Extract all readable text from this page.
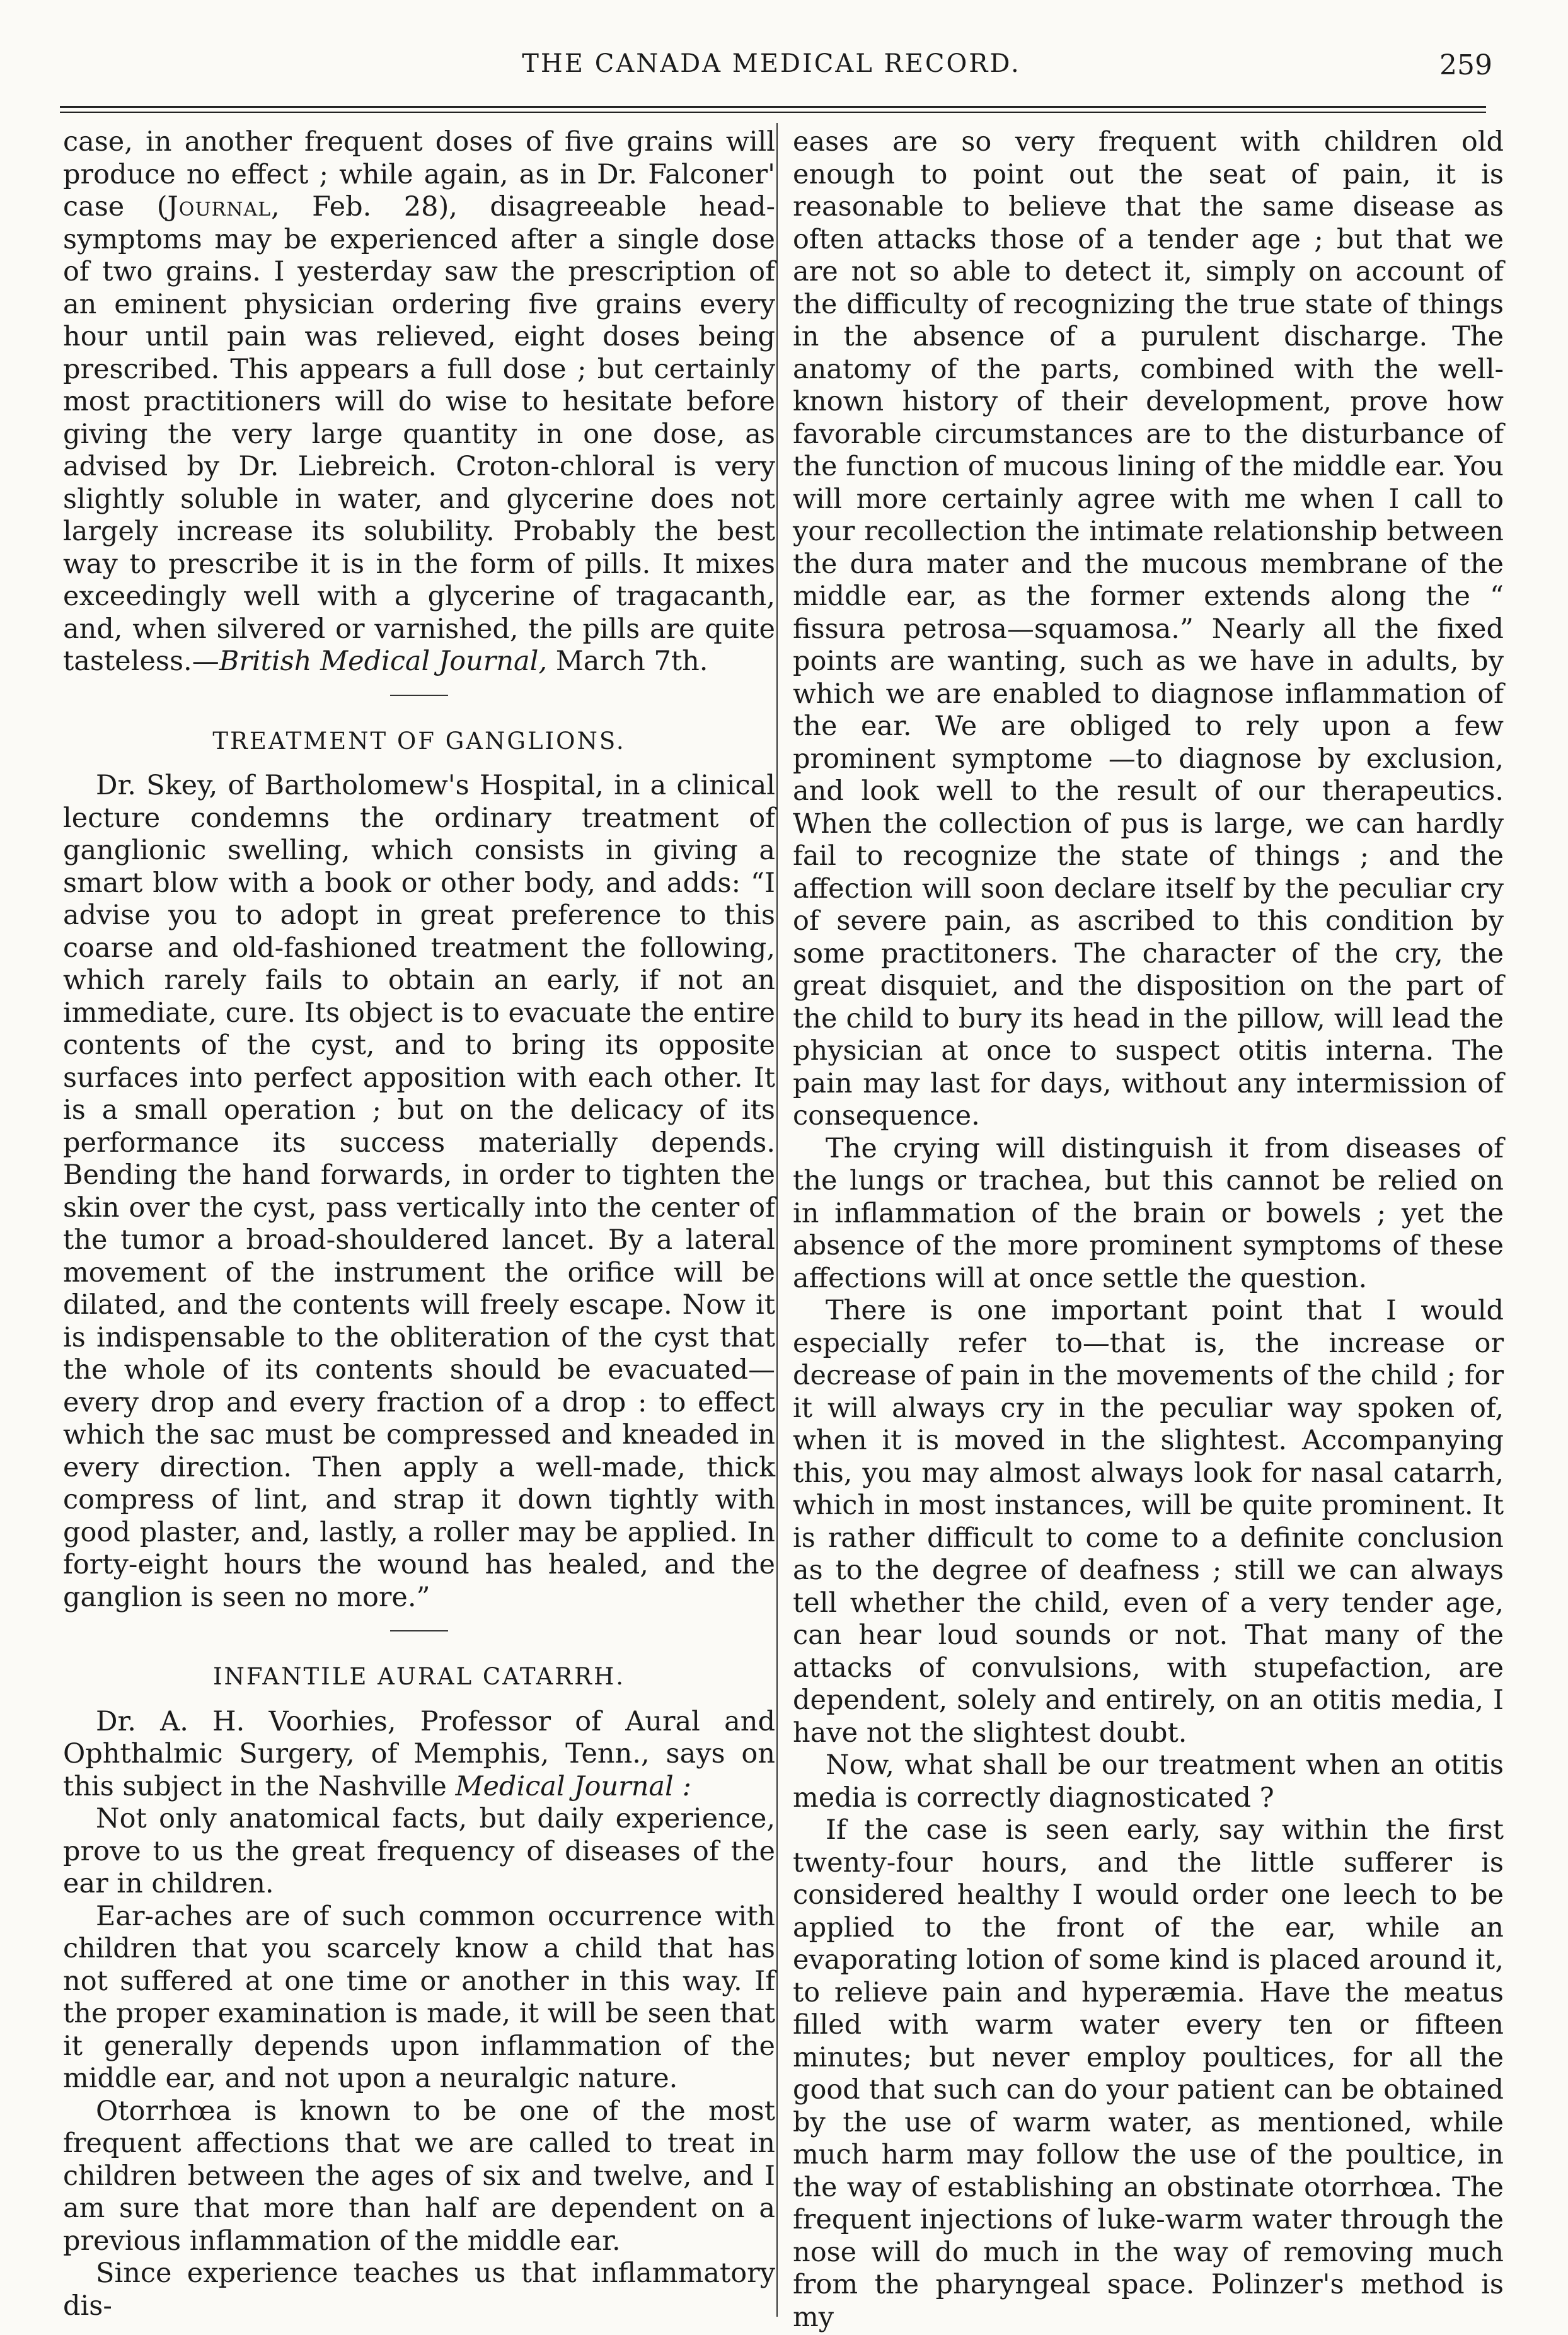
THE CANADA MEDICAL RECORD.	259

case, in another frequent doses of five grains will produce no effect ; while again, as in Dr. Falconer' case (Journal, Feb. 28), disagreeable head-symptoms may be experienced after a single dose of two grains. I yesterday saw the prescription of an eminent physician ordering five grains every hour until pain was relieved, eight doses being prescribed. This appears a full dose ; but certainly most practitioners will do wise to hesitate before giving the very large quantity in one dose, as advised by Dr. Liebreich. Croton-chloral is very slightly soluble in water, and glycerine does not largely increase its solubility. Probably the best way to prescribe it is in the form of pills. It mixes exceedingly well with a glycerine of tragacanth, and, when silvered or varnished, the pills are quite tasteless.—British Medical Journal, March 7th.

TREATMENT OF GANGLIONS.

Dr. Skey, of Bartholomew's Hospital, in a clinical lecture condemns the ordinary treatment of ganglionic swelling, which consists in giving a smart blow with a book or other body, and adds: “I advise you to adopt in great preference to this coarse and old-fashioned treatment the following, which rarely fails to obtain an early, if not an immediate, cure. Its object is to evacuate the entire contents of the cyst, and to bring its opposite surfaces into perfect apposition with each other. It is a small operation ; but on the delicacy of its performance its success materially depends. Bending the hand forwards, in order to tighten the skin over the cyst, pass vertically into the center of the tumor a broad-shouldered lancet. By a lateral movement of the instrument the orifice will be dilated, and the contents will freely escape. Now it is indispensable to the obliteration of the cyst that the whole of its contents should be evacuated—every drop and every fraction of a drop : to effect which the sac must be compressed and kneaded in every direction. Then apply a well-made, thick compress of lint, and strap it down tightly with good plaster, and, lastly, a roller may be applied. In forty-eight hours the wound has healed, and the ganglion is seen no more.”

INFANTILE AURAL CATARRH.

Dr. A. H. Voorhies, Professor of Aural and Ophthalmic Surgery, of Memphis, Tenn., says on this subject in the Nashville Medical Journal :

Not only anatomical facts, but daily experience, prove to us the great frequency of diseases of the ear in children.

Ear-aches are of such common occurrence with children that you scarcely know a child that has not suffered at one time or another in this way. If the proper examination is made, it will be seen that it generally depends upon inflammation of the middle ear, and not upon a neuralgic nature.

Otorrhœa is known to be one of the most frequent affections that we are called to treat in children between the ages of six and twelve, and I am sure that more than half are dependent on a previous inflammation of the middle ear.

Since experience teaches us that inflammatory dis-

eases are so very frequent with children old enough to point out the seat of pain, it is reasonable to believe that the same disease as often attacks those of a tender age ; but that we are not so able to detect it, simply on account of the difficulty of recognizing the true state of things in the absence of a purulent discharge. The anatomy of the parts, combined with the well-known history of their development, prove how favorable circumstances are to the disturbance of the function of mucous lining of the middle ear. You will more certainly agree with me when I call to your recollection the intimate relationship between the dura mater and the mucous membrane of the middle ear, as the former extends along the “ fissura petrosa—squamosa.” Nearly all the fixed points are wanting, such as we have in adults, by which we are enabled to diagnose inflammation of the ear. We are obliged to rely upon a few prominent symptome —to diagnose by exclusion, and look well to the result of our therapeutics. When the collection of pus is large, we can hardly fail to recognize the state of things ; and the affection will soon declare itself by the peculiar cry of severe pain, as ascribed to this condition by some practitoners. The character of the cry, the great disquiet, and the disposition on the part of the child to bury its head in the pillow, will lead the physician at once to suspect otitis interna. The pain may last for days, without any intermission of consequence.

The crying will distinguish it from diseases of the lungs or trachea, but this cannot be relied on in inflammation of the brain or bowels ; yet the absence of the more prominent symptoms of these affections will at once settle the question.

There is one important point that I would especially refer to—that is, the increase or decrease of pain in the movements of the child ; for it will always cry in the peculiar way spoken of, when it is moved in the slightest. Accompanying this, you may almost always look for nasal catarrh, which in most instances, will be quite prominent. It is rather difficult to come to a definite conclusion as to the degree of deafness ; still we can always tell whether the child, even of a very tender age, can hear loud sounds or not. That many of the attacks of convulsions, with stupefaction, are dependent, solely and entirely, on an otitis media, I have not the slightest doubt.

Now, what shall be our treatment when an otitis media is correctly diagnosticated ?

If the case is seen early, say within the first twenty-four hours, and the little sufferer is considered healthy I would order one leech to be applied to the front of the ear, while an evaporating lotion of some kind is placed around it, to relieve pain and hyperæmia. Have the meatus filled with warm water every ten or fifteen minutes; but never employ poultices, for all the good that such can do your patient can be obtained by the use of warm water, as mentioned, while much harm may follow the use of the poultice, in the way of establishing an obstinate otorrhœa. The frequent injections of luke-warm water through the nose will do much in the way of removing much from the pharyngeal space. Polinzer's method is my
